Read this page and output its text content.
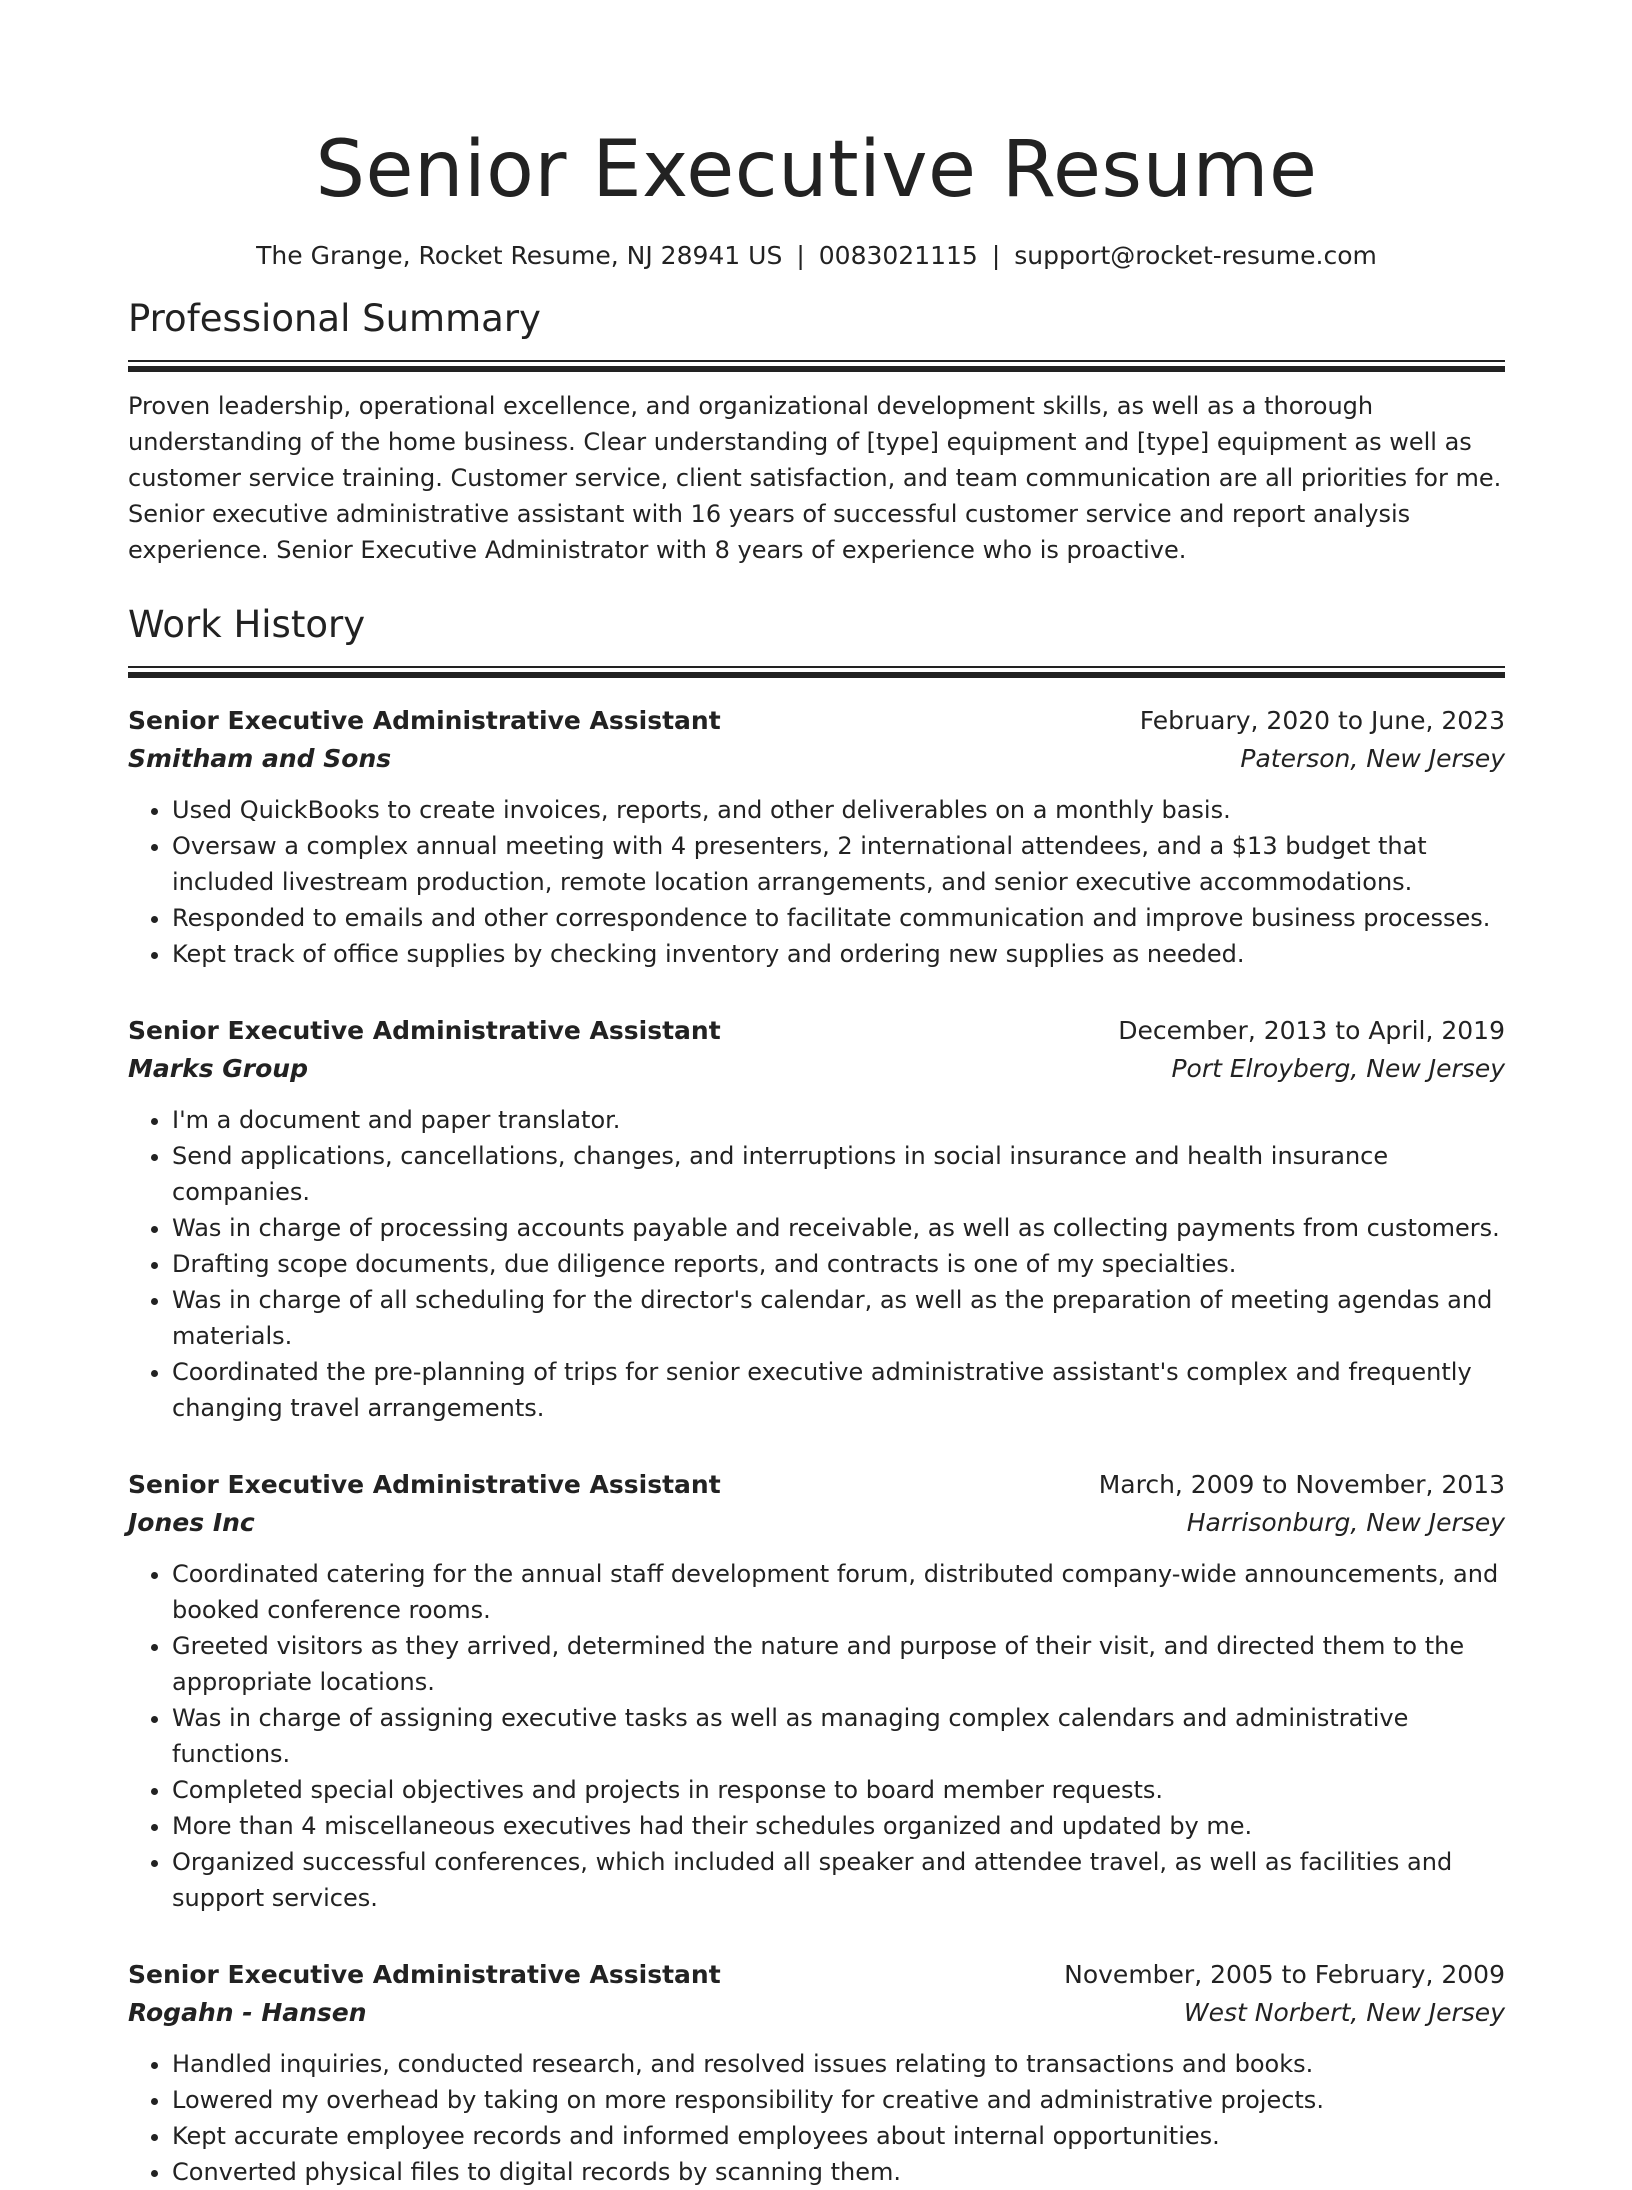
Senior Executive Resume
The Grange, Rocket Resume, NJ 28941 US | 0083021115 | support@rocket-resume.com
Professional Summary

Proven leadership, operational excellence, and organizational development skills, as well as a thorough understanding of the home business. Clear understanding of [type] equipment and [type] equipment as well as customer service training. Customer service, client satisfaction, and team communication are all priorities for me. Senior executive administrative assistant with 16 years of successful customer service and report analysis experience. Senior Executive Administrator with 8 years of experience who is proactive.

Work History
Senior Executive Administrative Assistant	February, 2020 to June, 2023
Smitham and Sons	Paterson, New Jersey
• Used QuickBooks to create invoices, reports, and other deliverables on a monthly basis.
• Oversaw a complex annual meeting with 4 presenters, 2 international attendees, and a $13 budget that included livestream production, remote location arrangements, and senior executive accommodations.
• Responded to emails and other correspondence to facilitate communication and improve business processes.
• Kept track of office supplies by checking inventory and ordering new supplies as needed.
Senior Executive Administrative Assistant	December, 2013 to April, 2019
Marks Group	Port Elroyberg, New Jersey
• I'm a document and paper translator.
• Send applications, cancellations, changes, and interruptions in social insurance and health insurance companies.
• Was in charge of processing accounts payable and receivable, as well as collecting payments from customers.
• Drafting scope documents, due diligence reports, and contracts is one of my specialties.
• Was in charge of all scheduling for the director's calendar, as well as the preparation of meeting agendas and materials.
• Coordinated the pre-planning of trips for senior executive administrative assistant's complex and frequently changing travel arrangements.
Senior Executive Administrative Assistant	March, 2009 to November, 2013
Jones Inc	Harrisonburg, New Jersey
• Coordinated catering for the annual staff development forum, distributed company-wide announcements, and booked conference rooms.
• Greeted visitors as they arrived, determined the nature and purpose of their visit, and directed them to the appropriate locations.
• Was in charge of assigning executive tasks as well as managing complex calendars and administrative functions.
• Completed special objectives and projects in response to board member requests.
• More than 4 miscellaneous executives had their schedules organized and updated by me.
• Organized successful conferences, which included all speaker and attendee travel, as well as facilities and support services.
Senior Executive Administrative Assistant	November, 2005 to February, 2009
Rogahn - Hansen	West Norbert, New Jersey
• Handled inquiries, conducted research, and resolved issues relating to transactions and books.
• Lowered my overhead by taking on more responsibility for creative and administrative projects.
• Kept accurate employee records and informed employees about internal opportunities.
• Converted physical files to digital records by scanning them.
